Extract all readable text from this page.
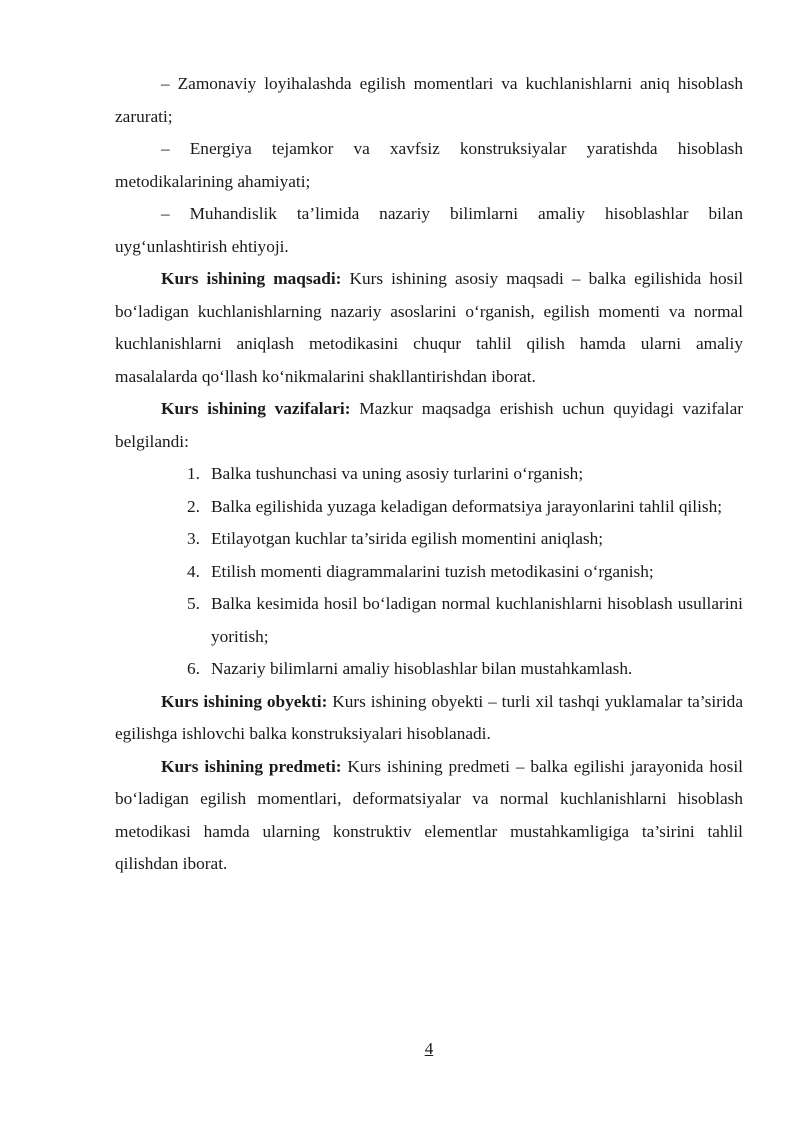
– Zamonaviy loyihalashda egilish momentlari va kuchlanishlarni aniq hisoblash zarurati;

– Energiya tejamkor va xavfsiz konstruksiyalar yaratishda hisoblash metodikalarining ahamiyati;

– Muhandislik ta’limida nazariy bilimlarni amaliy hisoblashlar bilan uyg‘unlashtirish ehtiyoji.

Kurs ishining maqsadi: Kurs ishining asosiy maqsadi – balka egilishida hosil bo‘ladigan kuchlanishlarning nazariy asoslarini o‘rganish, egilish momenti va normal kuchlanishlarni aniqlash metodikasini chuqur tahlil qilish hamda ularni amaliy masalalarda qo‘llash ko‘nikmalarini shakllantirishdan iborat.

Kurs ishining vazifalari: Mazkur maqsadga erishish uchun quyidagi vazifalar belgilandi:

1. Balka tushunchasi va uning asosiy turlarini o‘rganish;
2. Balka egilishida yuzaga keladigan deformatsiya jarayonlarini tahlil qilish;
3. Etilayotgan kuchlar ta’sirida egilish momentini aniqlash;
4. Etilish momenti diagrammalarini tuzish metodikasini o‘rganish;
5. Balka kesimida hosil bo‘ladigan normal kuchlanishlarni hisoblash usullarini yoritish;
6. Nazariy bilimlarni amaliy hisoblashlar bilan mustahkamlash.

Kurs ishining obyekti: Kurs ishining obyekti – turli xil tashqi yuklamalar ta’sirida egilishga ishlovchi balka konstruksiyalari hisoblanadi.

Kurs ishining predmeti: Kurs ishining predmeti – balka egilishi jarayonida hosil bo‘ladigan egilish momentlari, deformatsiyalar va normal kuchlanishlarni hisoblash metodikasi hamda ularning konstruktiv elementlar mustahkamligiga ta’sirini tahlil qilishdan iborat.

4
